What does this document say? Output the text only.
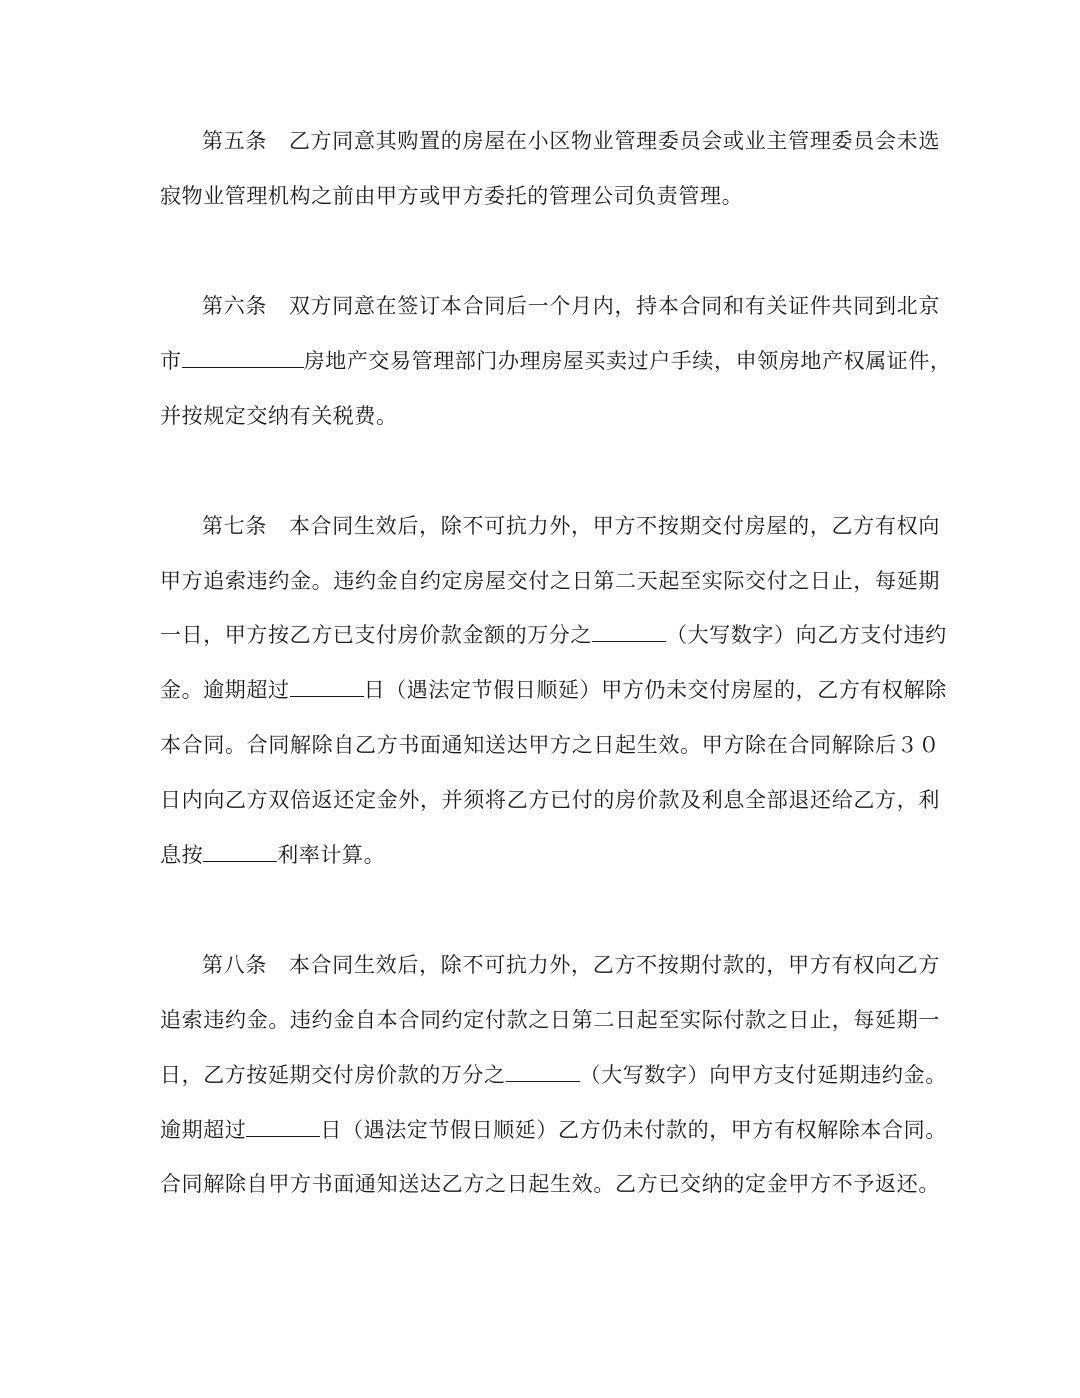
第五条　乙方同意其购置的房屋在小区物业管理委员会或业主管理委员会未选
寂物业管理机构之前由甲方或甲方委托的管理公司负责管理。
第六条　双方同意在签订本合同后一个月内，持本合同和有关证件共同到北京
市	房地产交易管理部门办理房屋买卖过户手续，申领房地产权属证件，
并按规定交纳有关税费。
第七条　本合同生效后，除不可抗力外，甲方不按期交付房屋的，乙方有权向
甲方追索违约金。违约金自约定房屋交付之日第二天起至实际交付之日止，每延期
一日，甲方按乙方已支付房价款金额的万分之	（大写数字）向乙方支付违约
金。逾期超过	日（遇法定节假日顺延）甲方仍未交付房屋的，乙方有权解除
本合同。合同解除自乙方书面通知送达甲方之日起生效。甲方除在合同解除后３０
日内向乙方双倍返还定金外，并须将乙方已付的房价款及利息全部退还给乙方，利
息按	利率计算。
第八条　本合同生效后，除不可抗力外，乙方不按期付款的，甲方有权向乙方
追索违约金。违约金自本合同约定付款之日第二日起至实际付款之日止，每延期一
日，乙方按延期交付房价款的万分之	（大写数字）向甲方支付延期违约金。
逾期超过	日（遇法定节假日顺延）乙方仍未付款的，甲方有权解除本合同。
合同解除自甲方书面通知送达乙方之日起生效。乙方已交纳的定金甲方不予返还。
